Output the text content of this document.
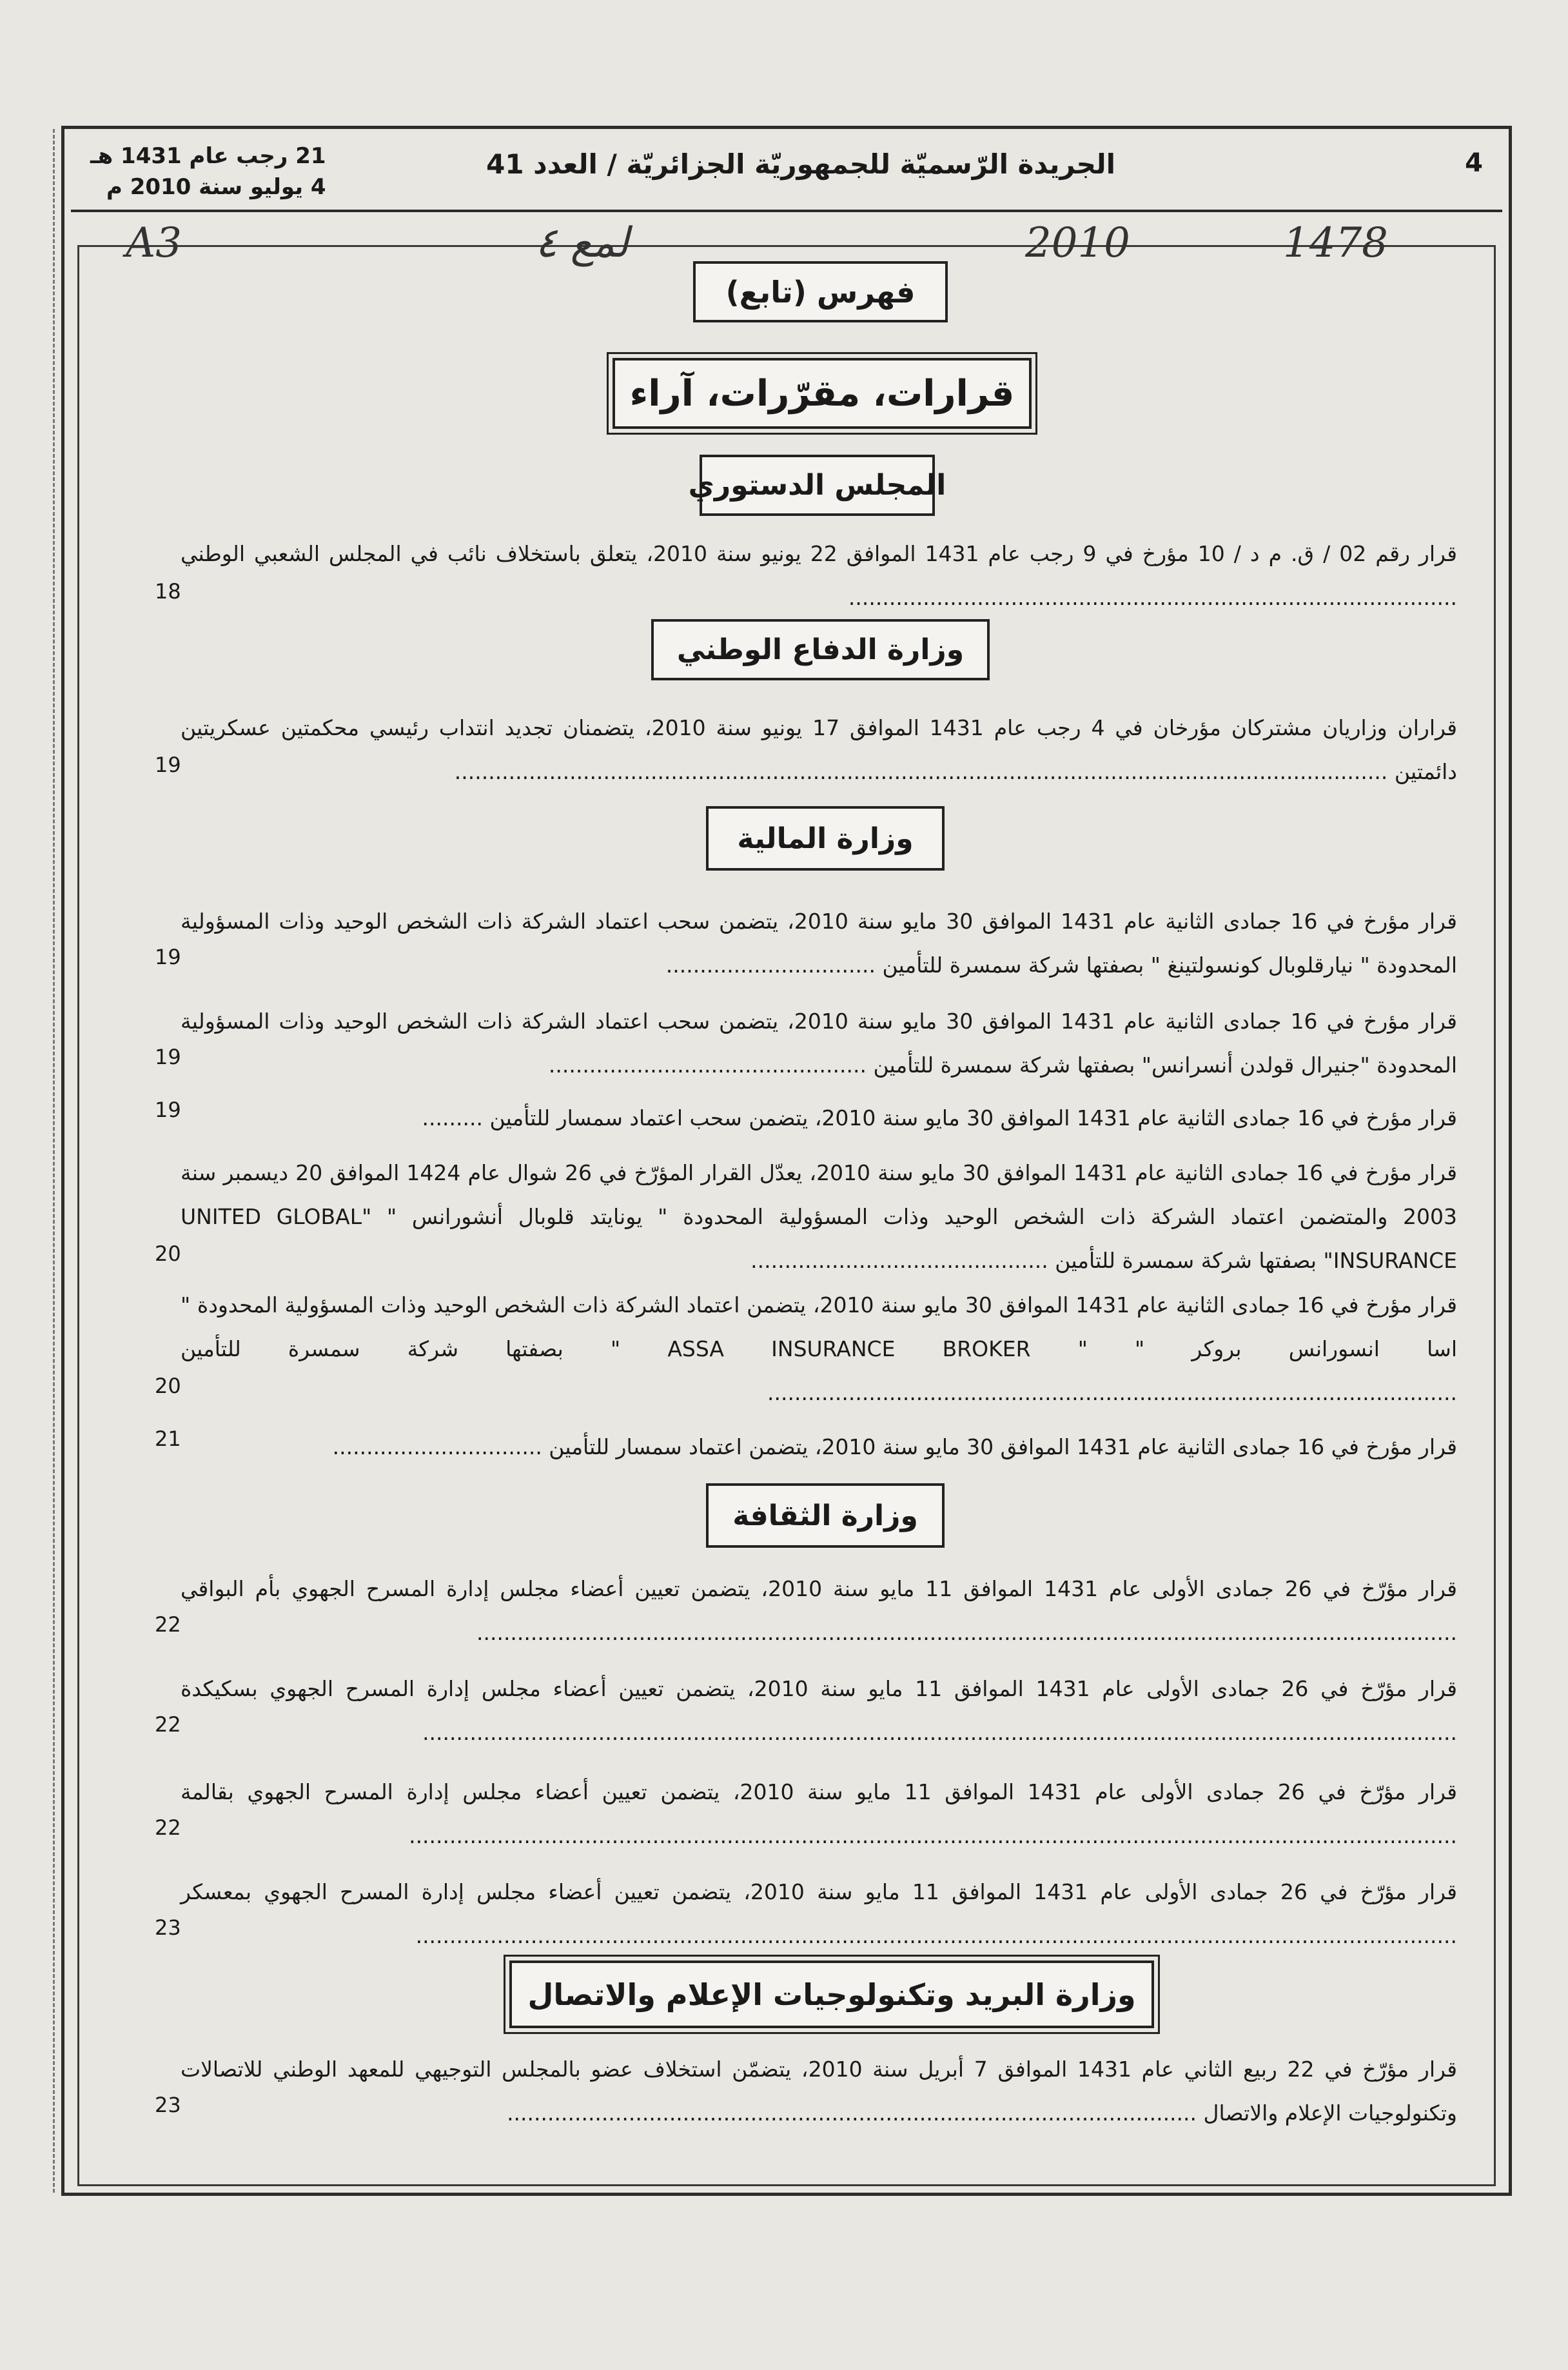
4
الجريدة الرّسميّة للجمهوريّة الجزائريّة / العدد 41
21 رجب عام 1431 هـ
4 يوليو سنة 2010 م
A3	لمع ٤	2010	1478
فهرس (تابع)
قرارات، مقرّرات، آراء
المجلس الدستوري
قرار رقم 02 / ق. م د / 10 مؤرخ في 9 رجب عام 1431 الموافق 22 يونيو سنة 2010، يتعلق باستخلاف نائب في المجلس الشعبي الوطني ..........................................................................................
18
وزارة الدفاع الوطني
قراران وزاريان مشتركان مؤرخان في 4 رجب عام 1431 الموافق 17 يونيو سنة 2010، يتضمنان تجديد انتداب رئيسي محكمتين عسكريتين دائمتين ..........................................................................................................................................
19
وزارة المالية
قرار مؤرخ في 16 جمادى الثانية عام 1431 الموافق 30 مايو سنة 2010، يتضمن سحب اعتماد الشركة ذات الشخص الوحيد وذات المسؤولية المحدودة " نيارقلوبال كونسولتينغ " بصفتها شركة سمسرة للتأمين ...............................
19
قرار مؤرخ في 16 جمادى الثانية عام 1431 الموافق 30 مايو سنة 2010، يتضمن سحب اعتماد الشركة ذات الشخص الوحيد وذات المسؤولية المحدودة "جنيرال قولدن أنسرانس" بصفتها شركة سمسرة للتأمين ...............................................
19
قرار مؤرخ في 16 جمادى الثانية عام 1431 الموافق 30 مايو سنة 2010، يتضمن سحب اعتماد سمسار للتأمين .........
19
قرار مؤرخ في 16 جمادى الثانية عام 1431 الموافق 30 مايو سنة 2010، يعدّل القرار المؤرّخ في 26 شوال عام 1424 الموافق 20 ديسمبر سنة 2003 والمتضمن اعتماد الشركة ذات الشخص الوحيد وذات المسؤولية المحدودة " يونايتد قلوبال أنشورانس " "UNITED GLOBAL INSURANCE" بصفتها شركة سمسرة للتأمين ............................................
20
قرار مؤرخ في 16 جمادى الثانية عام 1431 الموافق 30 مايو سنة 2010، يتضمن اعتماد الشركة ذات الشخص الوحيد وذات المسؤولية المحدودة " اسا انسورانس بروكر " " ASSA INSURANCE BROKER " بصفتها شركة سمسرة للتأمين ......................................................................................................
20
قرار مؤرخ في 16 جمادى الثانية عام 1431 الموافق 30 مايو سنة 2010، يتضمن اعتماد سمسار للتأمين ...............................
21
وزارة الثقافة
قرار مؤرّخ في 26 جمادى الأولى عام 1431 الموافق 11 مايو سنة 2010، يتضمن تعيين أعضاء مجلس إدارة المسرح الجهوي بأم البواقي .................................................................................................................................................
22
قرار مؤرّخ في 26 جمادى الأولى عام 1431 الموافق 11 مايو سنة 2010، يتضمن تعيين أعضاء مجلس إدارة المسرح الجهوي بسكيكدة .........................................................................................................................................................
22
قرار مؤرّخ في 26 جمادى الأولى عام 1431 الموافق 11 مايو سنة 2010، يتضمن تعيين أعضاء مجلس إدارة المسرح الجهوي بقالمة ...........................................................................................................................................................
22
قرار مؤرّخ في 26 جمادى الأولى عام 1431 الموافق 11 مايو سنة 2010، يتضمن تعيين أعضاء مجلس إدارة المسرح الجهوي بمعسكر ..........................................................................................................................................................
23
وزارة البريد وتكنولوجيات الإعلام والاتصال
قرار مؤرّخ في 22 ربيع الثاني عام 1431 الموافق 7 أبريل سنة 2010، يتضمّن استخلاف عضو بالمجلس التوجيهي للمعهد الوطني للاتصالات وتكنولوجيات الإعلام والاتصال ......................................................................................................
23
